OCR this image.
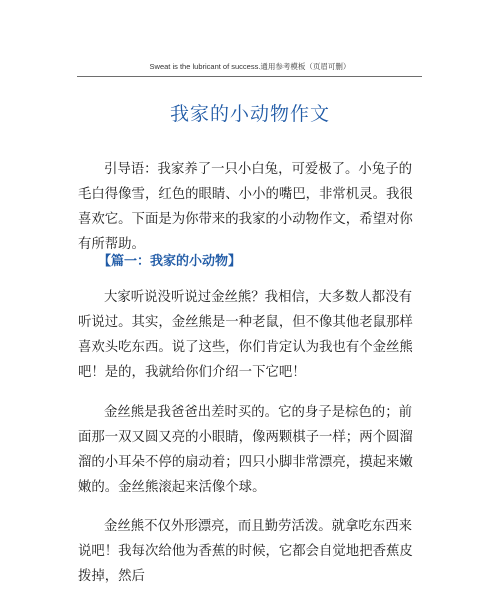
Sweat is the lubricant of success.通用参考模板（页眉可删）
我家的小动物作文

引导语：我家养了一只小白兔，可爱极了。小兔子的毛白得像雪，红色的眼睛、小小的嘴巴，非常机灵。我很喜欢它。下面是为你带来的我家的小动物作文，希望对你有所帮助。

【篇一：我家的小动物】

大家听说没听说过金丝熊？我相信，大多数人都没有听说过。其实，金丝熊是一种老鼠，但不像其他老鼠那样喜欢头吃东西。说了这些，你们肯定认为我也有个金丝熊吧！是的，我就给你们介绍一下它吧！

金丝熊是我爸爸出差时买的。它的身子是棕色的；前面那一双又圆又亮的小眼睛，像两颗棋子一样；两个圆溜溜的小耳朵不停的扇动着；四只小脚非常漂亮，摸起来嫩嫩的。金丝熊滚起来活像个球。

金丝熊不仅外形漂亮，而且勤劳活泼。就拿吃东西来说吧！我每次给他为香蕉的时候，它都会自觉地把香蕉皮拨掉，然后
